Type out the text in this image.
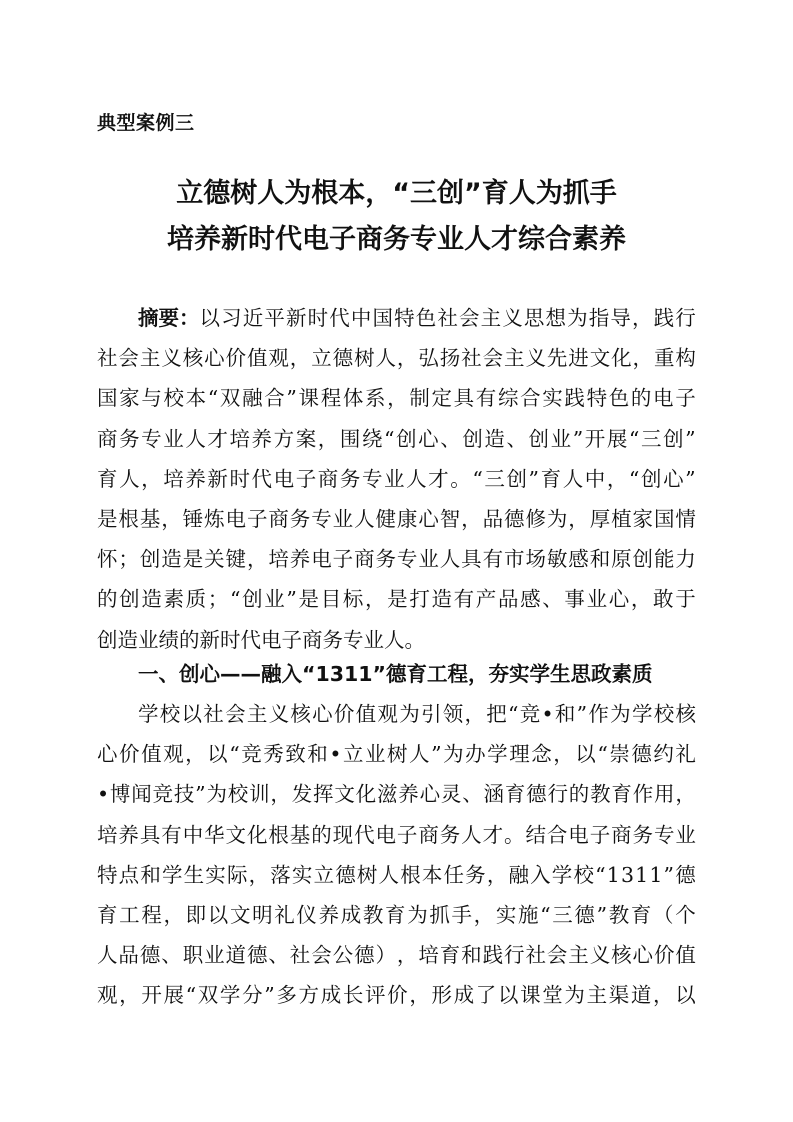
典型案例三
立德树人为根本，“三创”育人为抓手
培养新时代电子商务专业人才综合素养
摘要： 以 习 近 平 新 时 代 中 国 特 色 社 会 主 义 思 想 为 指 导 ， 践 行
社 会 主 义 核 心 价 值 观 ， 立 德 树 人 ， 弘 扬 社 会 主 义 先 进 文 化 ， 重 构
国 家 与 校 本 “ 双 融 合 ” 课 程 体 系 ， 制 定 具 有 综 合 实 践 特 色 的 电 子
商 务 专 业 人 才 培 养 方 案 ， 围 绕 “ 创 心 、 创 造 、 创 业 ” 开 展 “ 三 创 ”
育 人 ， 培 养 新 时 代 电 子 商 务 专 业 人 才 。 “ 三 创 ” 育 人 中 ， “ 创 心 ”
是 根 基 ， 锤 炼 电 子 商 务 专 业 人 健 康 心 智 ， 品 德 修 为 ， 厚 植 家 国 情
怀 ； 创 造 是 关 键 ， 培 养 电 子 商 务 专 业 人 具 有 市 场 敏 感 和 原 创 能 力
的 创 造 素 质 ； “ 创 业 ” 是 目 标 ， 是 打 造 有 产 品 感 、 事 业 心 ， 敢 于
创造业绩的新时代电子商务专业人。
一、创心——融入“1311”德育工程，夯实学生思政素质
学 校 以 社 会 主 义 核 心 价 值 观 为 引 领 ， 把 “ 竞 • 和 ” 作 为 学 校 核
心 价 值 观 ， 以 “ 竞 秀 致 和 • 立 业 树 人 ” 为 办 学 理 念 ， 以 “ 崇 德 约 礼
• 博 闻 竞 技 ” 为 校 训 ， 发 挥 文 化 滋 养 心 灵 、 涵 育 德 行 的 教 育 作 用 ，
培 养 具 有 中 华 文 化 根 基 的 现 代 电 子 商 务 人 才 。 结 合 电 子 商 务 专 业
特 点 和 学 生 实 际 ， 落 实 立 德 树 人 根 本 任 务 ， 融 入 学 校 “ 1 3 1 1 ” 德
育 工 程 ， 即 以 文 明 礼 仪 养 成 教 育 为 抓 手 ， 实 施 “ 三 德 ” 教 育 （ 个
人 品 德 、 职 业 道 德 、 社 会 公 德 ） ， 培 育 和 践 行 社 会 主 义 核 心 价 值
观 ， 开 展 “ 双 学 分 ” 多 方 成 长 评 价 ， 形 成 了 以 课 堂 为 主 渠 道 ， 以
